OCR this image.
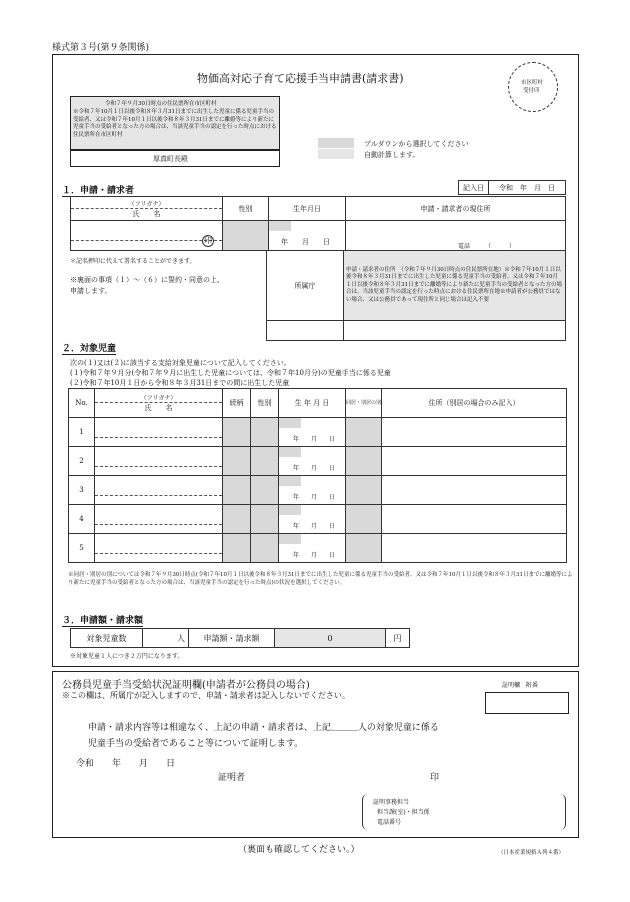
様式第３号(第９条関係)
物価高対応子育て応援手当申請書(請求書)	市区町村
受付印
令和７年９月30日時点の住民票所在市区町村
※令和７年10月１日以後令和８年３月31日までに出生した児童に係る児童手当の受給者、又は令和７年10月１日以後令和８年３月31日までに離婚等により新たに児童手当の受給者となった方の場合は、当該児童手当の認定を行った時点における住民票所在市区町村
厚真町長殿
プルダウンから選択してください
自動計算します。
１．申請・請求者	記入日	令和　年　月　日
（フリガナ）
氏　　名	性別	生年月日	申請・請求者の現住所

印		年　　月　　日	電話　　　（　　　）
＊記名押印に代えて署名することができます。
※裏面の事項（１）～（６）に誓約・同意の上、申請します。
所属庁	申請・請求者の住所　（令和７年９月30日時点の住民票所在地）※令和７年10月１日以後令和８年３月31日までに出生した児童に係る児童手当の受給者、又は令和７年10月１日以後令和８年３月31日までに離婚等により新たに児童手当の受給者となった方の場合は、当該児童手当の認定を行った時点における住民票所在地※申請者が公務員ではない場合、又は公務員であって現住所と同じ場合は記入不要

２．対象児童
次の(１)又は(２)に該当する支給対象児童について記入してください。
(１)令和７年９月分(令和７年９月に出生した児童については、令和７年10月分)の児童手当に係る児童
(２)令和７年10月１日から令和８年３月31日までの間に出生した児童
No.	（フリガナ）
氏　　名	続柄	性別	生 年 月 日	同居・別居の別	住所（別居の場合のみ記入）
1				年　　月　　日		

2				年　　月　　日		

3				年　　月　　日		

4				年　　月　　日		

5				年　　月　　日		

※同居・別居の別については令和７年９月30日時点(令和７年10月１日以後令和８年３月31日までに出生した児童に係る児童手当の受給者、又は令和７年10月１日以後令和８年３月31日までに離婚等により新たに児童手当の受給者となった方の場合は、当該児童手当の認定を行った時点)の状況を選択してください。
３．申請額・請求額
対象児童数	人	申請額・請求額	0	円
※対象児童１人につき２万円になります。
公務員児童手当受給状況証明欄(申請者が公務員の場合)	証明欄　附番
※この欄は、所属庁が記入しますので、申請・請求者は記入しないでください。
申請・請求内容等は相違なく、上記の申請・請求者は、上記＿＿＿人の対象児童に係る
児童手当の受給者であること等について証明します。
令和　　年　　月　　日
証明者	印
証明事務担当
担当課(室)・担当係
電話番号
（裏面も確認してください。）	（日本産業規格Ａ列４番）
